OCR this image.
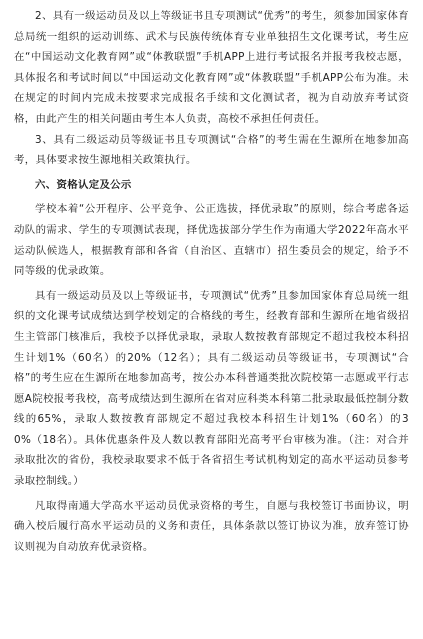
2、具有一级运动员及以上等级证书且专项测试“优秀”的考生，须参加国家体育总局统一组织的运动训练、武术与民族传统体育专业单独招生文化课考试，考生应在“中国运动文化教育网”或“体教联盟”手机APP上进行考试报名并报考我校志愿，具体报名和考试时间以“中国运动文化教育网”或“体教联盟”手机APP公布为准。未在规定的时间内完成未按要求完成报名手续和文化测试者，视为自动放弃考试资格，由此产生的相关问题由考生本人负责，高校不承担任何责任。

3、具有二级运动员等级证书且专项测试“合格”的考生需在生源所在地参加高考，具体要求按生源地相关政策执行。

六、资格认定及公示

学校本着“公开程序、公平竞争、公正选拔，择优录取”的原则，综合考虑各运动队的需求、学生的专项测试表现，择优选拔部分学生作为南通大学2022年高水平运动队候选人，根据教育部和各省（自治区、直辖市）招生委员会的规定，给予不同等级的优录政策。

具有一级运动员及以上等级证书，专项测试“优秀”且参加国家体育总局统一组织的文化课考试成绩达到学校划定的合格线的考生，经教育部和生源所在地省级招生主管部门核准后，我校予以择优录取，录取人数按教育部规定不超过我校本科招生计划1%（60名）的20%（12名）；具有二级运动员等级证书，专项测试“合格”的考生应在生源所在地参加高考，按公办本科普通类批次院校第一志愿或平行志愿A院校报考我校，高考成绩达到生源所在省对应科类本科第二批录取最低控制分数线的65%，录取人数按教育部规定不超过我校本科招生计划1%（60名）的30%（18名）。具体优惠条件及人数以教育部阳光高考平台审核为准。（注：对合并录取批次的省份，我校录取要求不低于各省招生考试机构划定的高水平运动员参考录取控制线。）

凡取得南通大学高水平运动员优录资格的考生，自愿与我校签订书面协议，明确入校后履行高水平运动员的义务和责任，具体条款以签订协议为准，放弃签订协议则视为自动放弃优录资格。
